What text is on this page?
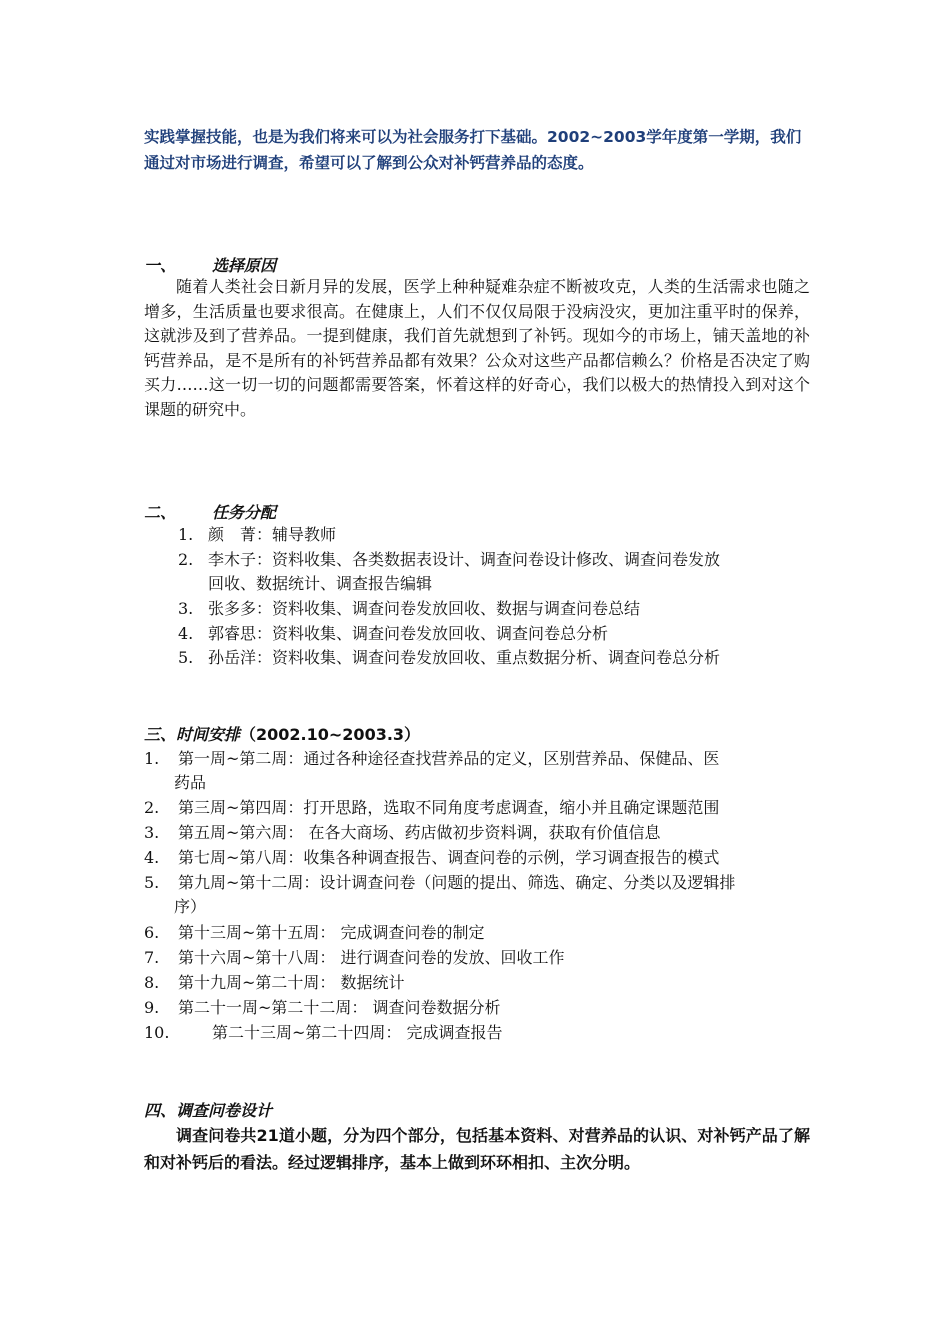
实践掌握技能，也是为我们将来可以为社会服务打下基础。2002~2003学年度第一学期，我们通过对市场进行调查，希望可以了解到公众对补钙营养品的态度。
一、 选择原因
随着人类社会日新月异的发展，医学上种种疑难杂症不断被攻克，人类的生活需求也随之增多，生活质量也要求很高。在健康上，人们不仅仅局限于没病没灾，更加注重平时的保养，这就涉及到了营养品。一提到健康，我们首先就想到了补钙。现如今的市场上，铺天盖地的补钙营养品，是不是所有的补钙营养品都有效果？公众对这些产品都信赖么？价格是否决定了购买力……这一切一切的问题都需要答案，怀着这样的好奇心，我们以极大的热情投入到对这个课题的研究中。
二、 任务分配
1. 颜　菁：辅导教师
2. 李木子：资料收集、各类数据表设计、调查问卷设计修改、调查问卷发放
回收、数据统计、调查报告编辑
3. 张多多：资料收集、调查问卷发放回收、数据与调查问卷总结
4. 郭睿思：资料收集、调查问卷发放回收、调查问卷总分析
5. 孙岳洋：资料收集、调查问卷发放回收、重点数据分析、调查问卷总分析
三、时间安排（2002.10~2003.3）
1. 第一周~第二周：通过各种途径查找营养品的定义，区别营养品、保健品、医
药品
2. 第三周~第四周：打开思路，选取不同角度考虑调查，缩小并且确定课题范围
3. 第五周~第六周： 在各大商场、药店做初步资料调，获取有价值信息
4. 第七周~第八周：收集各种调查报告、调查问卷的示例，学习调查报告的模式
5. 第九周~第十二周：设计调查问卷（问题的提出、筛选、确定、分类以及逻辑排
序）
6. 第十三周~第十五周： 完成调查问卷的制定
7. 第十六周~第十八周： 进行调查问卷的发放、回收工作
8. 第十九周~第二十周： 数据统计
9. 第二十一周~第二十二周： 调查问卷数据分析
10.	第二十三周~第二十四周： 完成调查报告
四、调查问卷设计
调查问卷共21道小题，分为四个部分，包括基本资料、对营养品的认识、对补钙产品了解和对补钙后的看法。经过逻辑排序，基本上做到环环相扣、主次分明。
